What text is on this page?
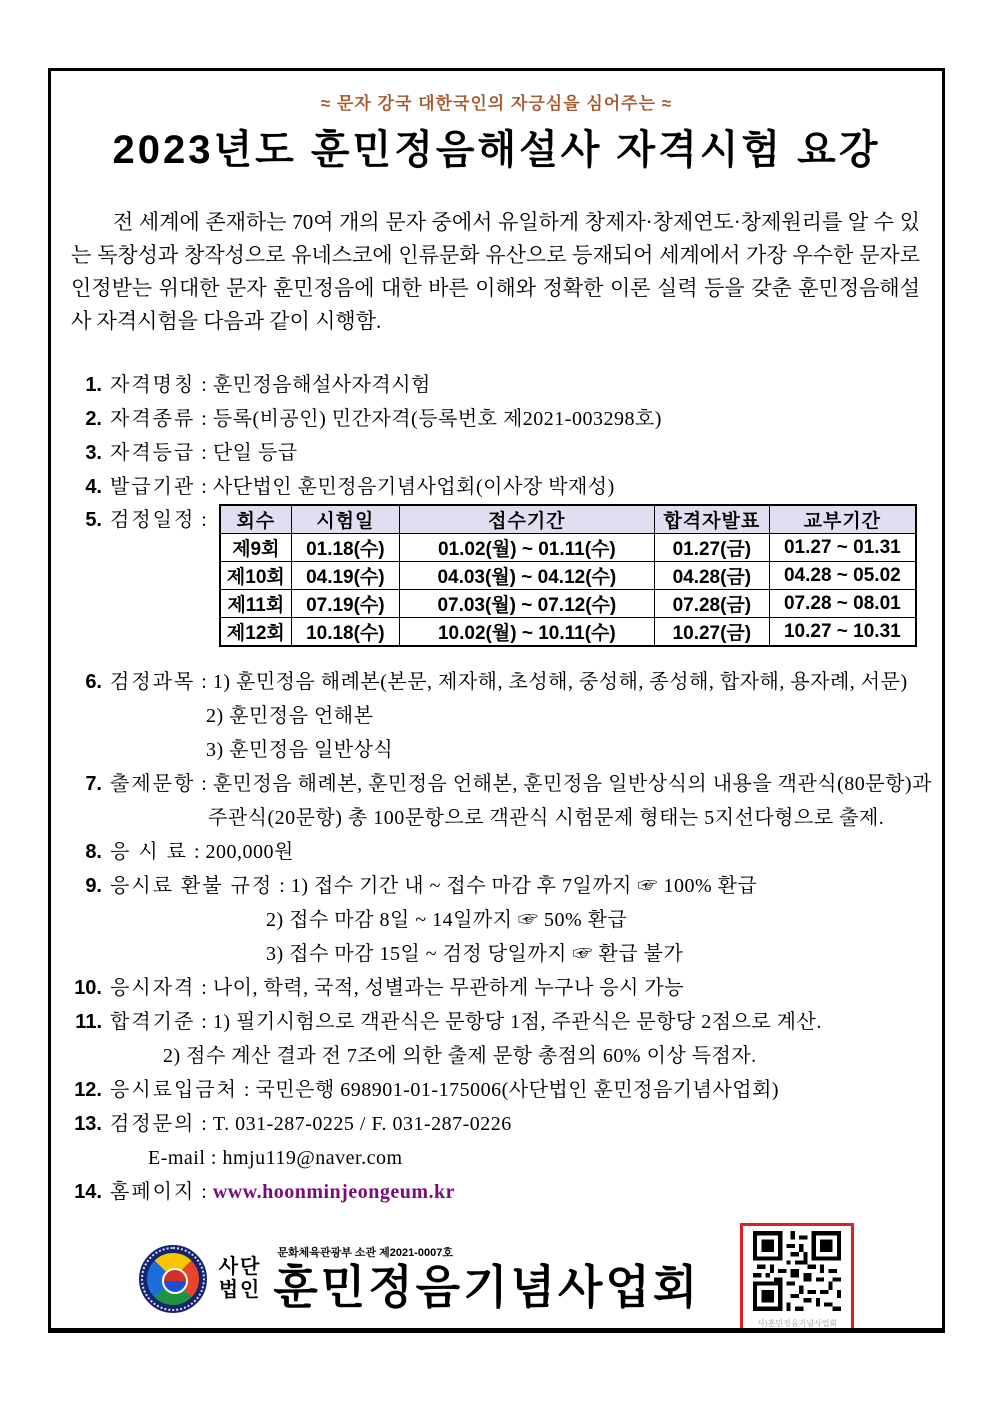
≈ 문자 강국 대한국인의 자긍심을 심어주는 ≈
2023년도 훈민정음해설사 자격시험 요강

전 세계에 존재하는 70여 개의 문자 중에서 유일하게 창제자·창제연도·창제원리를 알 수 있는 독창성과 창작성으로 유네스코에 인류문화 유산으로 등재되어 세계에서 가장 우수한 문자로 인정받는 위대한 문자 훈민정음에 대한 바른 이해와 정확한 이론 실력 등을 갖춘 훈민정음해설사 자격시험을 다음과 같이 시행함.

1. 자격명칭 : 훈민정음해설사자격시험
2. 자격종류 : 등록(비공인) 민간자격(등록번호 제2021-003298호)
3. 자격등급 : 단일 등급
4. 발급기관 : 사단법인 훈민정음기념사업회(이사장 박재성)
5. 검정일정 :	회수	시험일	접수기간	합격자발표	교부기간
제9회	01.18(수)	01.02(월) ~ 01.11(수)	01.27(금)	01.27 ~ 01.31
제10회	04.19(수)	04.03(월) ~ 04.12(수)	04.28(금)	04.28 ~ 05.02
제11회	07.19(수)	07.03(월) ~ 07.12(수)	07.28(금)	07.28 ~ 08.01
제12회	10.18(수)	10.02(월) ~ 10.11(수)	10.27(금)	10.27 ~ 10.31
6. 검정과목 : 1) 훈민정음 해례본(본문, 제자해, 초성해, 중성해, 종성해, 합자해, 용자례, 서문)
2) 훈민정음 언해본
3) 훈민정음 일반상식
7. 출제문항 : 훈민정음 해례본, 훈민정음 언해본, 훈민정음 일반상식의 내용을 객관식(80문항)과
주관식(20문항) 총 100문항으로 객관식 시험문제 형태는 5지선다형으로 출제.
8. 응 시 료 : 200,000원
9. 응시료 환불 규정 : 1) 접수 기간 내 ~ 접수 마감 후 7일까지 ☞ 100% 환급
2) 접수 마감 8일 ~ 14일까지 ☞ 50% 환급
3) 접수 마감 15일 ~ 검정 당일까지 ☞ 환급 불가
10. 응시자격 : 나이, 학력, 국적, 성별과는 무관하게 누구나 응시 가능
11. 합격기준 : 1) 필기시험으로 객관식은 문항당 1점, 주관식은 문항당 2점으로 계산.
2) 점수 계산 결과 전 7조에 의한 출제 문항 총점의 60% 이상 득점자.
12. 응시료입금처 : 국민은행 698901-01-175006(사단법인 훈민정음기념사업회)
13. 검정문의 : T. 031-287-0225 / F. 031-287-0226
E-mail : hmju119@naver.com
14. 홈페이지 : www.hoonminjeongeum.kr
사단
법인
문화체육관광부 소관 제2021-0007호
훈민정음기념사업회
사)훈민정음기념사업회
